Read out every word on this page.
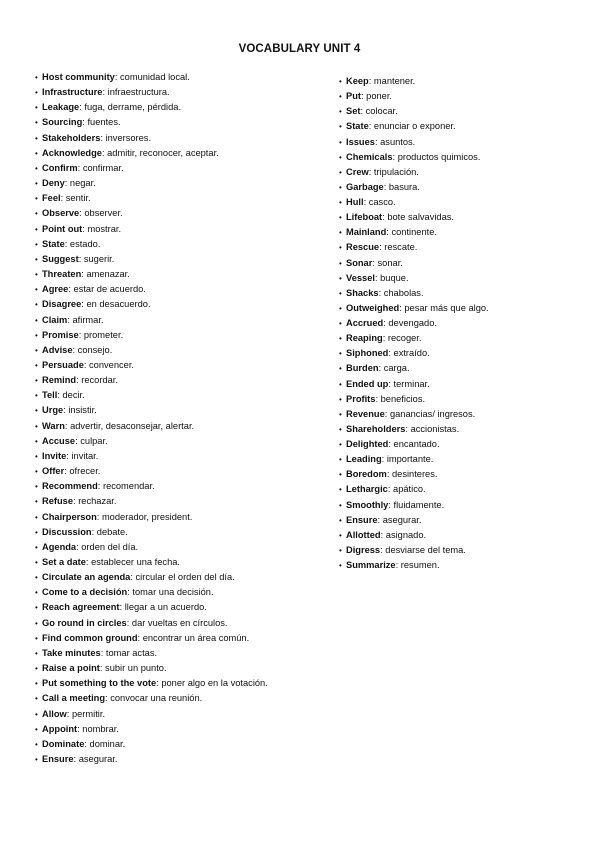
VOCABULARY UNIT 4
• Host community: comunidad local.
• Infrastructure: infraestructura.
• Leakage: fuga, derrame, pérdida.
• Sourcing: fuentes.
• Stakeholders: inversores.
• Acknowledge: admitir, reconocer, aceptar.
• Confirm: confirmar.
• Deny: negar.
• Feel: sentir.
• Observe: observer.
• Point out: mostrar.
• State: estado.
• Suggest: sugerir.
• Threaten: amenazar.
• Agree: estar de acuerdo.
• Disagree: en desacuerdo.
• Claim: afirmar.
• Promise: prometer.
• Advise: consejo.
• Persuade: convencer.
• Remind: recordar.
• Tell: decir.
• Urge: insistir.
• Warn: advertir, desaconsejar, alertar.
• Accuse: culpar.
• Invite: invitar.
• Offer: ofrecer.
• Recommend: recomendar.
• Refuse: rechazar.
• Chairperson: moderador, president.
• Discussion: debate.
• Agenda: orden del día.
• Set a date: establecer una fecha.
• Circulate an agenda: circular el orden del día.
• Come to a decisión: tomar una decisión.
• Reach agreement: llegar a un acuerdo.
• Go round in circles: dar vueltas en círculos.
• Find common ground: encontrar un área común.
• Take minutes: tomar actas.
• Raise a point: subir un punto.
• Put something to the vote: poner algo en la votación.
• Call a meeting: convocar una reunión.
• Allow: permitir.
• Appoint: nombrar.
• Dominate: dominar.
• Ensure: asegurar.
• Keep: mantener.
• Put: poner.
• Set: colocar.
• State: enunciar o exponer.
• Issues: asuntos.
• Chemicals: productos quimicos.
• Crew: tripulación.
• Garbage: basura.
• Hull: casco.
• Lifeboat: bote salvavidas.
• Mainland: continente.
• Rescue: rescate.
• Sonar: sonar.
• Vessel: buque.
• Shacks: chabolas.
• Outweighed: pesar más que algo.
• Accrued: devengado.
• Reaping: recoger.
• Siphoned: extraído.
• Burden: carga.
• Ended up: terminar.
• Profits: beneficios.
• Revenue: ganancias/ ingresos.
• Shareholders: accionistas.
• Delighted: encantado.
• Leading: importante.
• Boredom: desinteres.
• Lethargic: apático.
• Smoothly: fluidamente.
• Ensure: asegurar.
• Allotted: asignado.
• Digress: desviarse del tema.
• Summarize: resumen.
